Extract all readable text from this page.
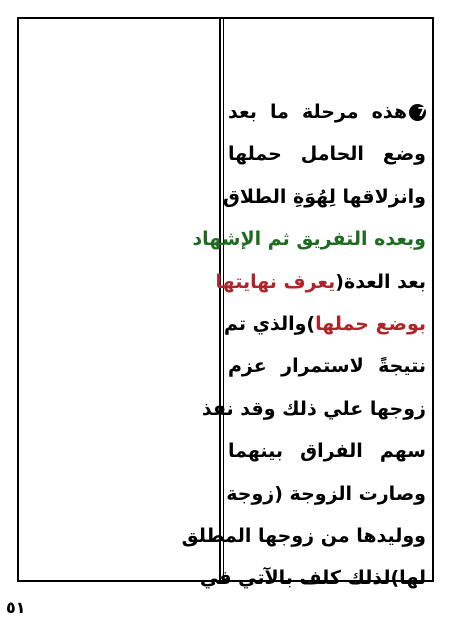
7هذه مرحلة ما بعد
وضع الحامل حملها
وانزلاقها لِهُوَةِ الطلاق
وبعده التفريق ثم الإشهاد
بعد العدة(يعرف نهايتها
بوضع حملها)والذي تم
نتيجةً لاستمرار عزم
زوجها علي ذلك وقد نفذ
سهم الفراق بينهما
وصارت الزوجة (زوجة
ووليدها من زوجها المطلق
لها)لذلك كلف بالآتي في
٥١
